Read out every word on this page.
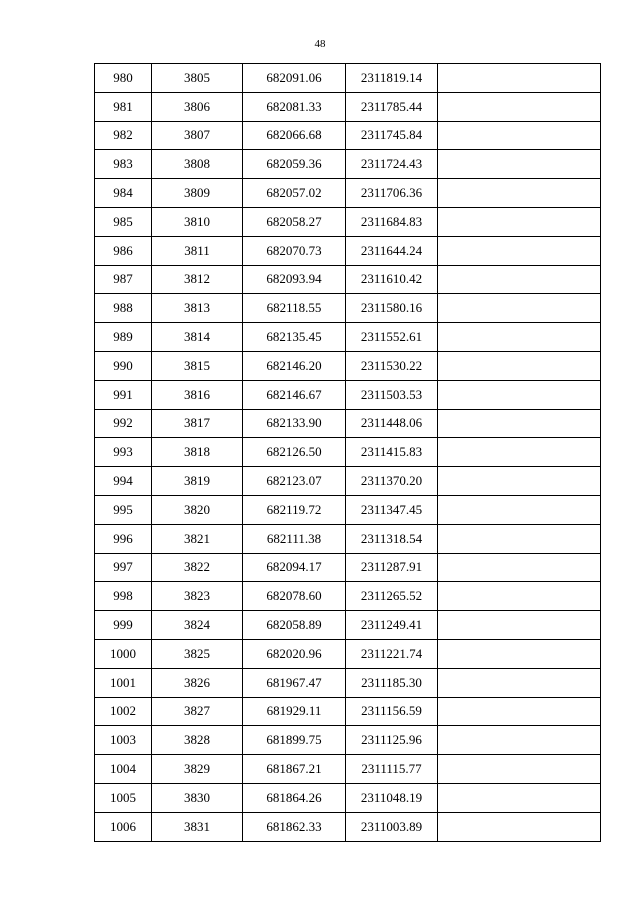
48
980	3805	682091.06	2311819.14	
981	3806	682081.33	2311785.44	
982	3807	682066.68	2311745.84	
983	3808	682059.36	2311724.43	
984	3809	682057.02	2311706.36	
985	3810	682058.27	2311684.83	
986	3811	682070.73	2311644.24	
987	3812	682093.94	2311610.42	
988	3813	682118.55	2311580.16	
989	3814	682135.45	2311552.61	
990	3815	682146.20	2311530.22	
991	3816	682146.67	2311503.53	
992	3817	682133.90	2311448.06	
993	3818	682126.50	2311415.83	
994	3819	682123.07	2311370.20	
995	3820	682119.72	2311347.45	
996	3821	682111.38	2311318.54	
997	3822	682094.17	2311287.91	
998	3823	682078.60	2311265.52	
999	3824	682058.89	2311249.41	
1000	3825	682020.96	2311221.74	
1001	3826	681967.47	2311185.30	
1002	3827	681929.11	2311156.59	
1003	3828	681899.75	2311125.96	
1004	3829	681867.21	2311115.77	
1005	3830	681864.26	2311048.19	
1006	3831	681862.33	2311003.89	
